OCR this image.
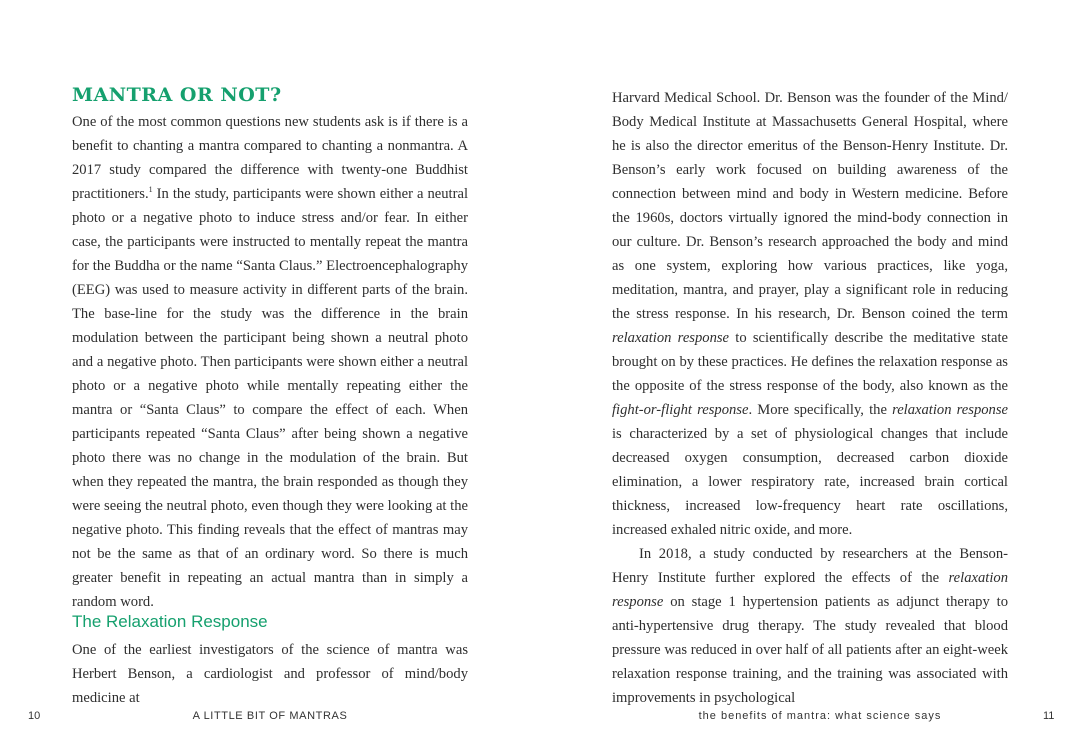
MANTRA OR NOT?

One of the most common questions new students ask is if there is a benefit to chanting a mantra compared to chanting a nonmantra. A 2017 study compared the difference with twenty-one Buddhist practitioners.$^1$ In the study, participants were shown either a neutral photo or a negative photo to induce stress and/or fear. In either case, the participants were instructed to mentally repeat the mantra for the Buddha or the name “Santa Claus.” Electroencephalography (EEG) was used to measure activity in different parts of the brain. The base-line for the study was the difference in the brain modulation between the participant being shown a neutral photo and a negative photo. Then participants were shown either a neutral photo or a negative photo while mentally repeating either the mantra or “Santa Claus” to compare the effect of each. When participants repeated “Santa Claus” after being shown a negative photo there was no change in the modulation of the brain. But when they repeated the mantra, the brain responded as though they were seeing the neutral photo, even though they were looking at the negative photo. This finding reveals that the effect of mantras may not be the same as that of an ordinary word. So there is much greater benefit in repeating an actual mantra than in simply a random word.

The Relaxation Response

One of the earliest investigators of the science of mantra was Herbert Benson, a cardiologist and professor of mind/body medicine at

10	A LITTLE BIT OF MANTRAS

Harvard Medical School. Dr. Benson was the founder of the Mind/ Body Medical Institute at Massachusetts General Hospital, where he is also the director emeritus of the Benson-Henry Institute. Dr. Benson’s early work focused on building awareness of the connection between mind and body in Western medicine. Before the 1960s, doctors virtually ignored the mind-body connection in our culture. Dr. Benson’s research approached the body and mind as one system, exploring how various practices, like yoga, meditation, mantra, and prayer, play a significant role in reducing the stress response. In his research, Dr. Benson coined the term relaxation response to scientifically describe the meditative state brought on by these practices. He defines the relaxation response as the opposite of the stress response of the body, also known as the fight-or-flight response. More specifically, the relaxation response is characterized by a set of physiological changes that include decreased oxygen consumption, decreased carbon dioxide elimination, a lower respiratory rate, increased brain cortical thickness, increased low-frequency heart rate oscillations, increased exhaled nitric oxide, and more.

In 2018, a study conducted by researchers at the Benson-Henry Institute further explored the effects of the relaxation response on stage 1 hypertension patients as adjunct therapy to anti-hypertensive drug therapy. The study revealed that blood pressure was reduced in over half of all patients after an eight-week relaxation response training, and the training was associated with improvements in psychological

11
the benefits of mantra: what science says
